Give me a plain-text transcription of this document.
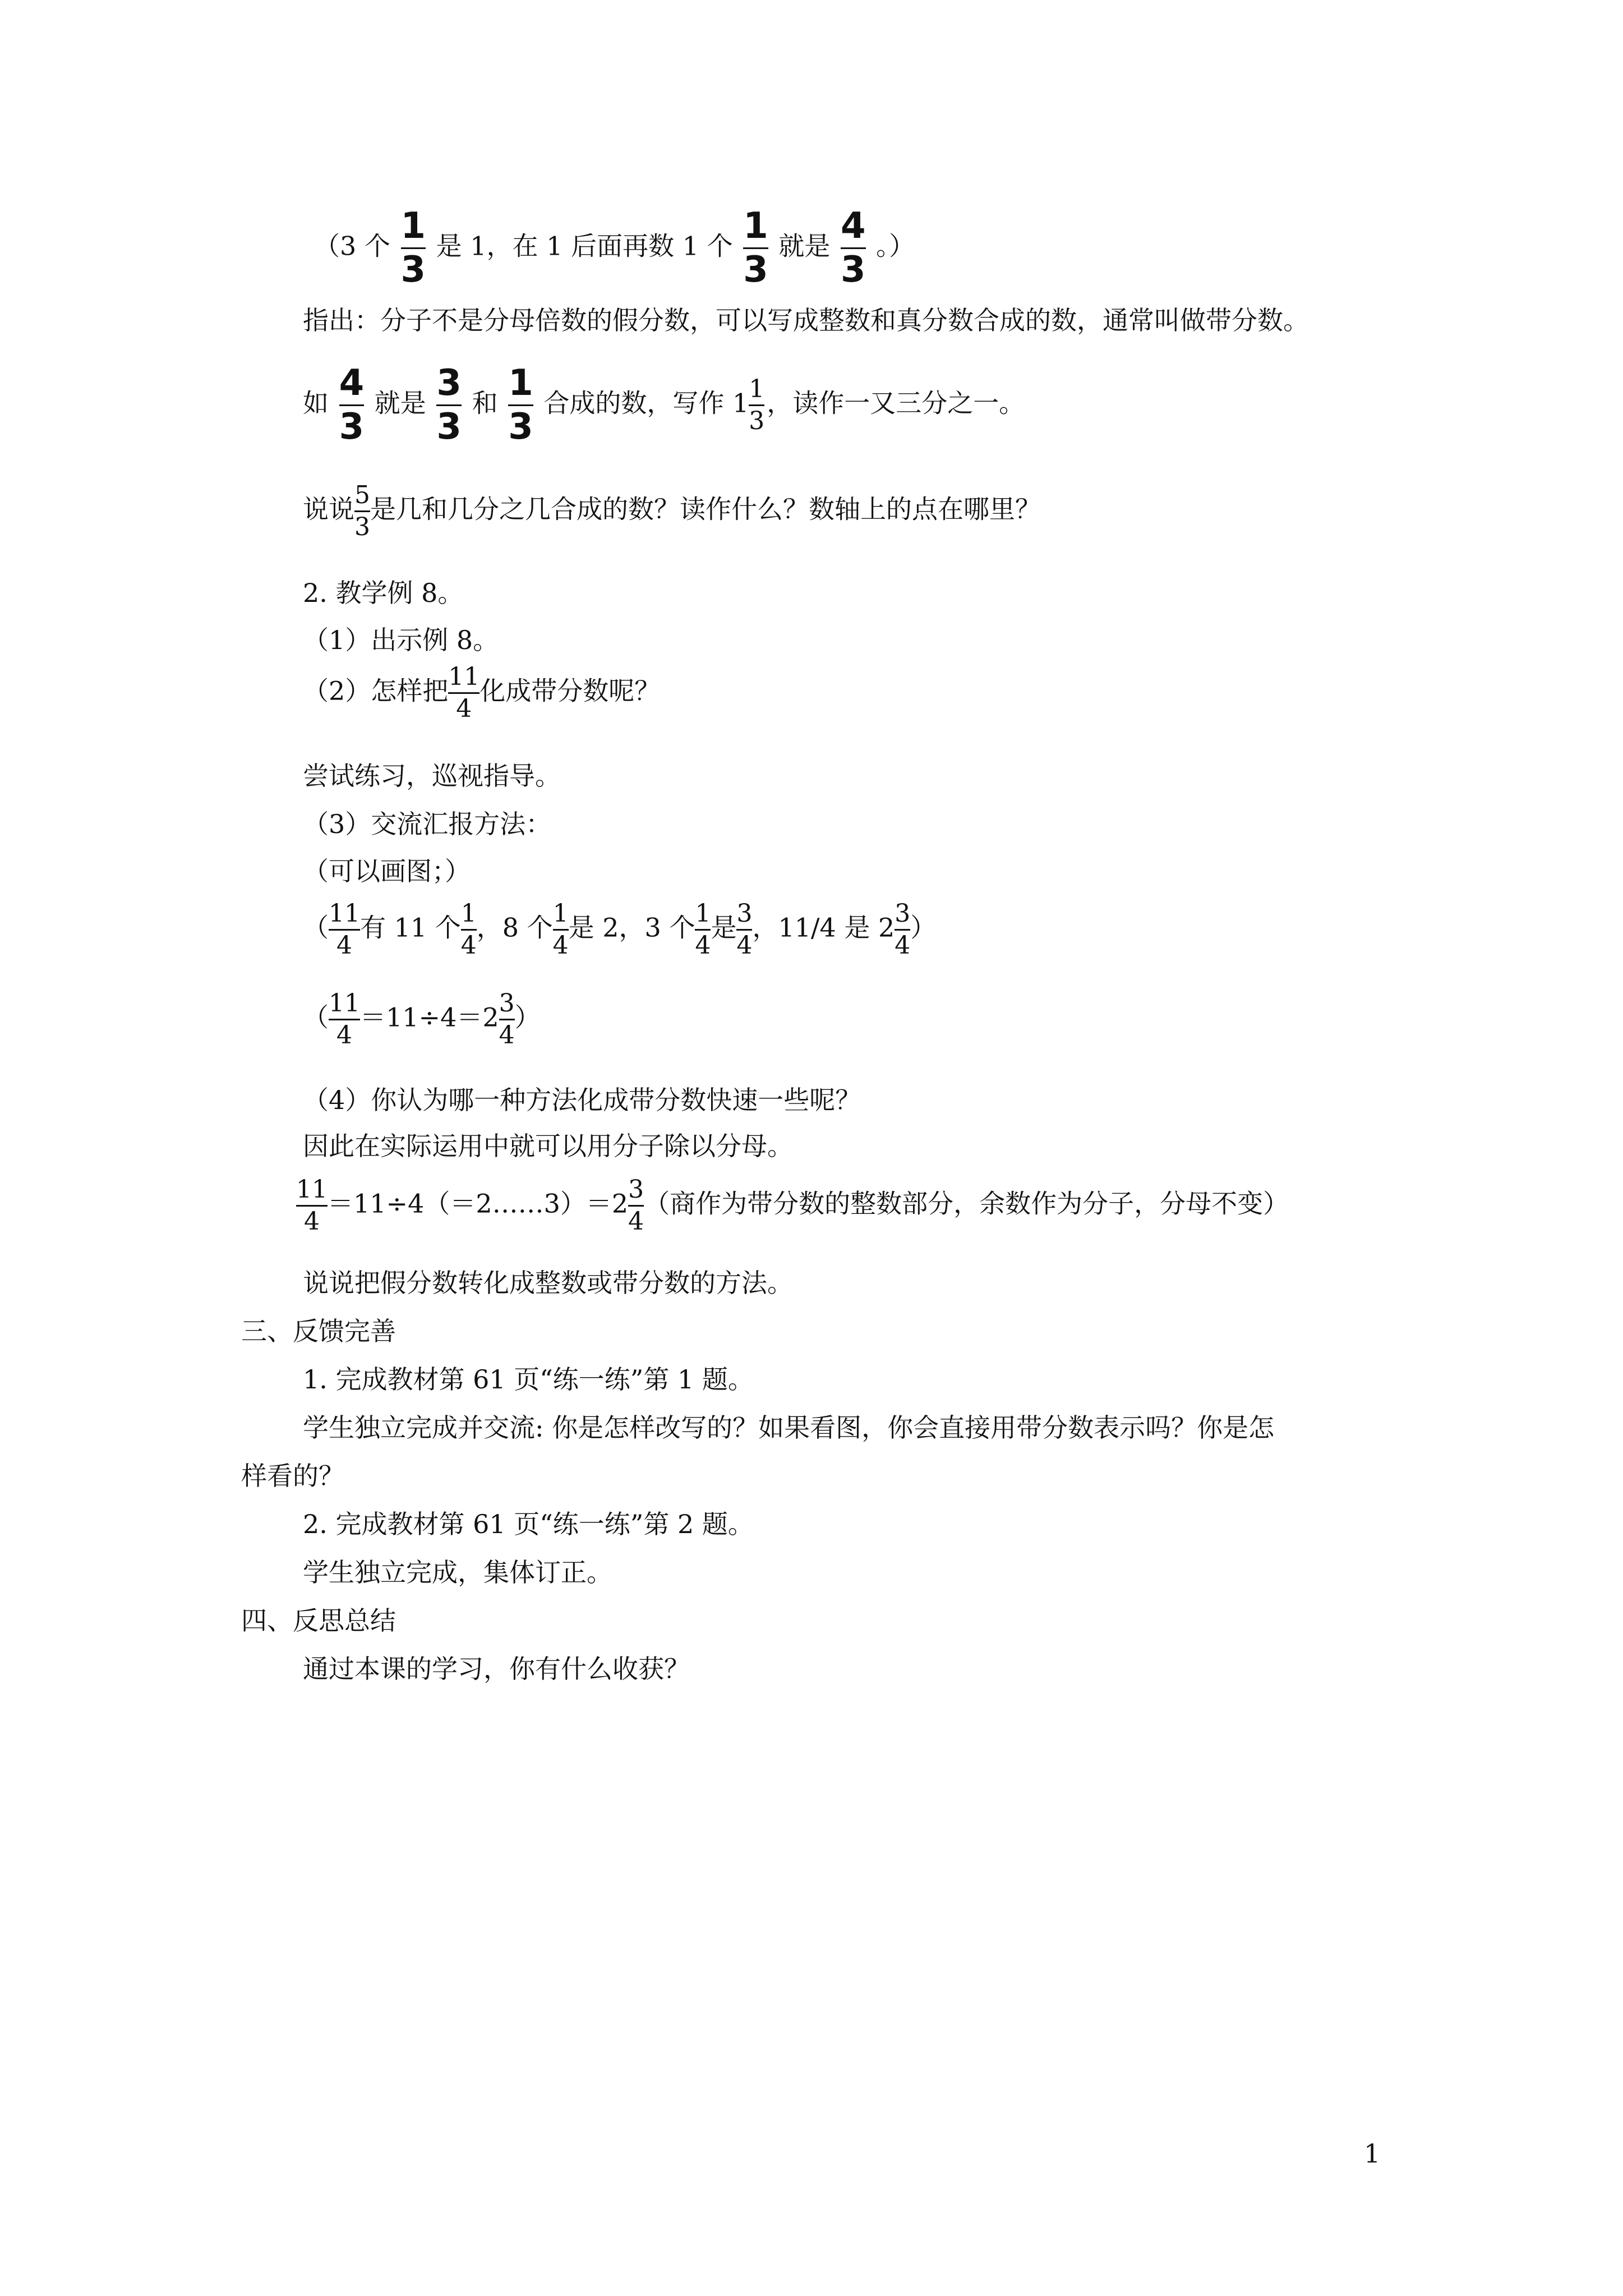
（3 个 $\frac{1}{3}$ 是 1，在 1 后面再数 1 个 $\frac{1}{3}$ 就是 $\frac{4}{3}$ 。）
指出：分子不是分母倍数的假分数，可以写成整数和真分数合成的数，通常叫做带分数。
如 $\frac{4}{3}$ 就是 $\frac{3}{3}$ 和 $\frac{1}{3}$ 合成的数，写作 $1 \frac{1}{3}$ ，读作一又三分之一。
说说 $\frac{5}{3}$ 是几和几分之几合成的数？读作什么？数轴上的点在哪里？
2. 教学例 8。
（1）出示例 8。
（2）怎样把 $\frac{11}{4}$ 化成带分数呢？
尝试练习，巡视指导。
（3）交流汇报方法：
（可以画图；）
（ $\frac{11}{4}$ 有 11 个 $\frac{1}{4}$ ，8 个 $\frac{1}{4}$ 是 2，3 个 $\frac{1}{4}$ 是 $\frac{3}{4}$ ，11/4 是 $2 \frac{3}{4}$ ）
（ $\frac{11}{4} =11\div 4=2 \frac{3}{4}$ ）
（4）你认为哪一种方法化成带分数快速一些呢？
因此在实际运用中就可以用分子除以分母。
$\frac{11}{4}$ ＝11÷4（＝2……3）＝2 $\frac{3}{4}$ （商作为带分数的整数部分，余数作为分子，分母不变）
说说把假分数转化成整数或带分数的方法。
三、反馈完善
1. 完成教材第 61 页“练一练”第 1 题。
学生独立完成并交流: 你是怎样改写的？如果看图，你会直接用带分数表示吗？你是怎
样看的？
2. 完成教材第 61 页“练一练”第 2 题。
学生独立完成，集体订正。
四、反思总结
通过本课的学习，你有什么收获？
1
